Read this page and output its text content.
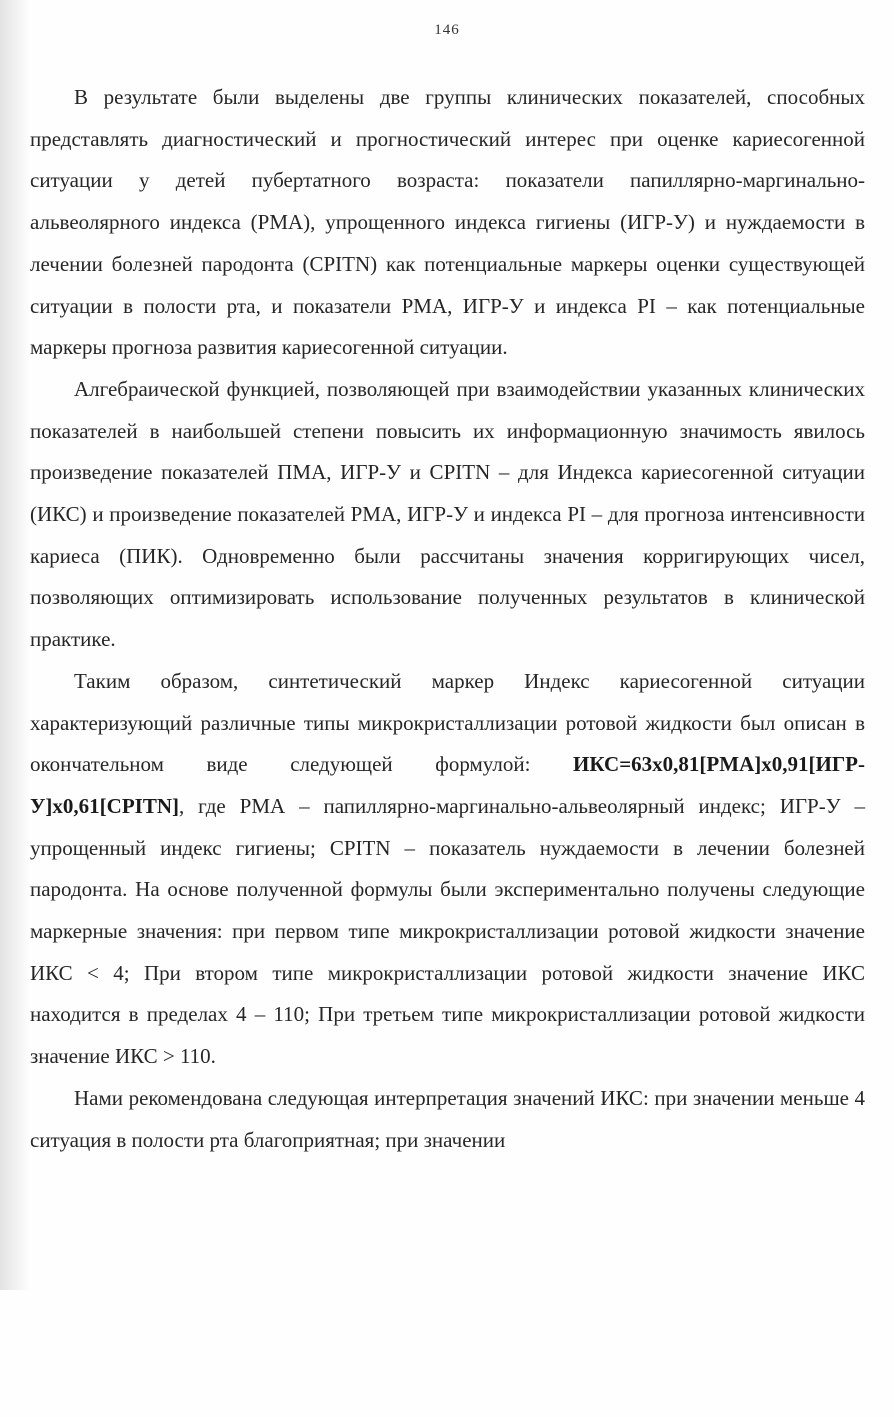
146

В результате были выделены две группы клинических показателей, способных представлять диагностический и прогностический интерес при оценке кариесогенной ситуации у детей пубертатного возраста: показатели папиллярно-маргинально-альвеолярного индекса (РМА), упрощенного индекса гигиены (ИГР-У) и нуждаемости в лечении болезней пародонта (CPITN) как потенциальные маркеры оценки существующей ситуации в полости рта, и показатели РМА, ИГР-У и индекса PI – как потенциальные маркеры прогноза развития кариесогенной ситуации.

Алгебраической функцией, позволяющей при взаимодействии указанных клинических показателей в наибольшей степени повысить их информационную значимость явилось произведение показателей ПМА, ИГР-У и CPITN – для Индекса кариесогенной ситуации (ИКС) и произведение показателей РМА, ИГР-У и индекса PI – для прогноза интенсивности кариеса (ПИК). Одновременно были рассчитаны значения корригирующих чисел, позволяющих оптимизировать использование полученных результатов в клинической практике.

Таким образом, синтетический маркер Индекс кариесогенной ситуации характеризующий различные типы микрокристаллизации ротовой жидкости был описан в окончательном виде следующей формулой: ИКС=63x0,81[PMA]x0,91[ИГР-У]x0,61[CPITN], где РМА – папиллярно-маргинально-альвеолярный индекс; ИГР-У – упрощенный индекс гигиены; CPITN – показатель нуждаемости в лечении болезней пародонта. На основе полученной формулы были экспериментально получены следующие маркерные значения: при первом типе микрокристаллизации ротовой жидкости значение ИКС < 4; При втором типе микрокристаллизации ротовой жидкости значение ИКС находится в пределах 4 – 110; При третьем типе микрокристаллизации ротовой жидкости значение ИКС > 110.

Нами рекомендована следующая интерпретация значений ИКС: при значении меньше 4 ситуация в полости рта благоприятная; при значении
